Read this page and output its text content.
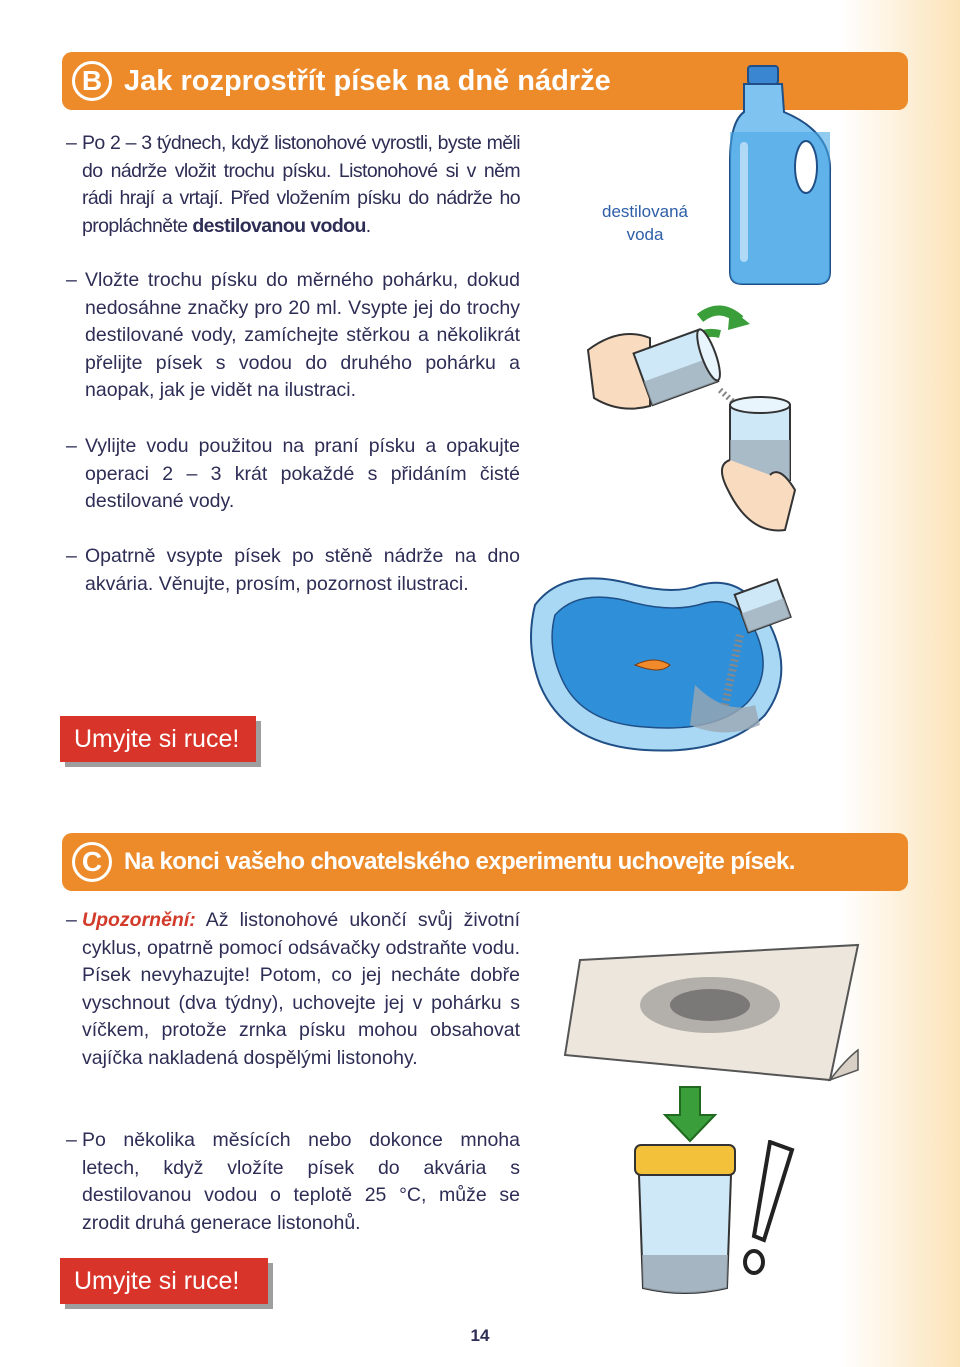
B Jak rozprostřít písek na dně nádrže
– Po 2 – 3 týdnech, když listonohové vyrostli, byste měli do nádrže vložit trochu písku. Listonohové si v něm rádi hrají a vrtají. Před vložením písku do nádrže ho propláchněte destilovanou vodou.
– Vložte trochu písku do měrného pohárku, dokud nedosáhne značky pro 20 ml. Vsypte jej do trochy destilované vody, zamíchejte stěrkou a několikrát přelijte písek s vodou do druhého pohárku a naopak, jak je vidět na ilustraci.
– Vylijte vodu použitou na praní písku a opakujte operaci 2 – 3 krát pokaždé s přidáním čisté destilované vody.
– Opatrně vsypte písek po stěně nádrže na dno akvária. Věnujte, prosím, pozornost ilustraci.
destilovaná
voda
Umyjte si ruce!
C Na konci vašeho chovatelského experimentu uchovejte písek.
– Upozornění: Až listonohové ukončí svůj životní cyklus, opatrně pomocí odsávačky odstraňte vodu. Písek nevyhazujte! Potom, co jej necháte dobře vyschnout (dva týdny), uchovejte jej v pohárku s víčkem, protože zrnka písku mohou obsahovat vajíčka nakladená dospělými listonohy.
– Po několika měsících nebo dokonce mnoha letech, když vložíte písek do akvária s destilovanou vodou o teplotě 25 °C, může se zrodit druhá generace listonohů.
Umyjte si ruce!
14
